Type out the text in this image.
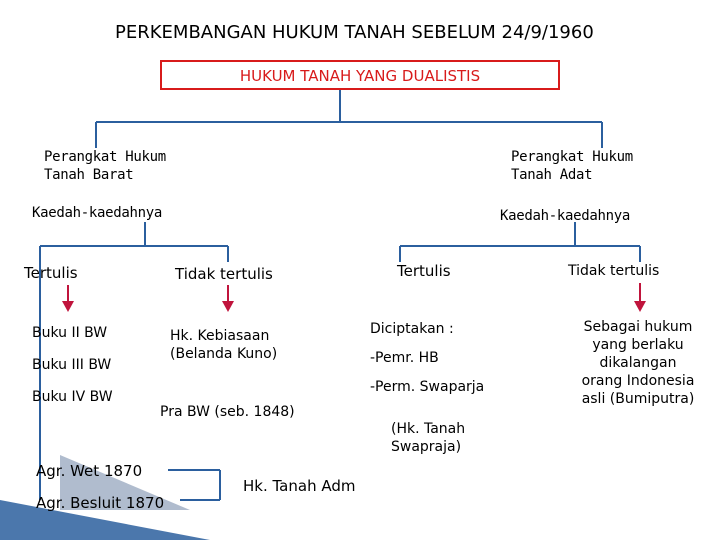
PERKEMBANGAN HUKUM TANAH SEBELUM 24/9/1960
HUKUM TANAH YANG DUALISTIS
Perangkat Hukum
Tanah Barat
Kaedah-kaedahnya
Perangkat Hukum
Tanah Adat
Kaedah-kaedahnya
Tertulis
Buku II BW
Buku III BW
Buku IV BW
Agr. Wet 1870
Agr. Besluit 1870
Tidak tertulis
Hk. Kebiasaan
(Belanda Kuno)
Pra BW (seb. 1848)
Hk. Tanah Adm
Tertulis
Diciptakan :
-Pemr. HB
-Perm. Swaparja
(Hk. Tanah
Swapraja)
Tidak tertulis
Sebagai hukum
yang berlaku
dikalangan
orang Indonesia
asli (Bumiputra)
